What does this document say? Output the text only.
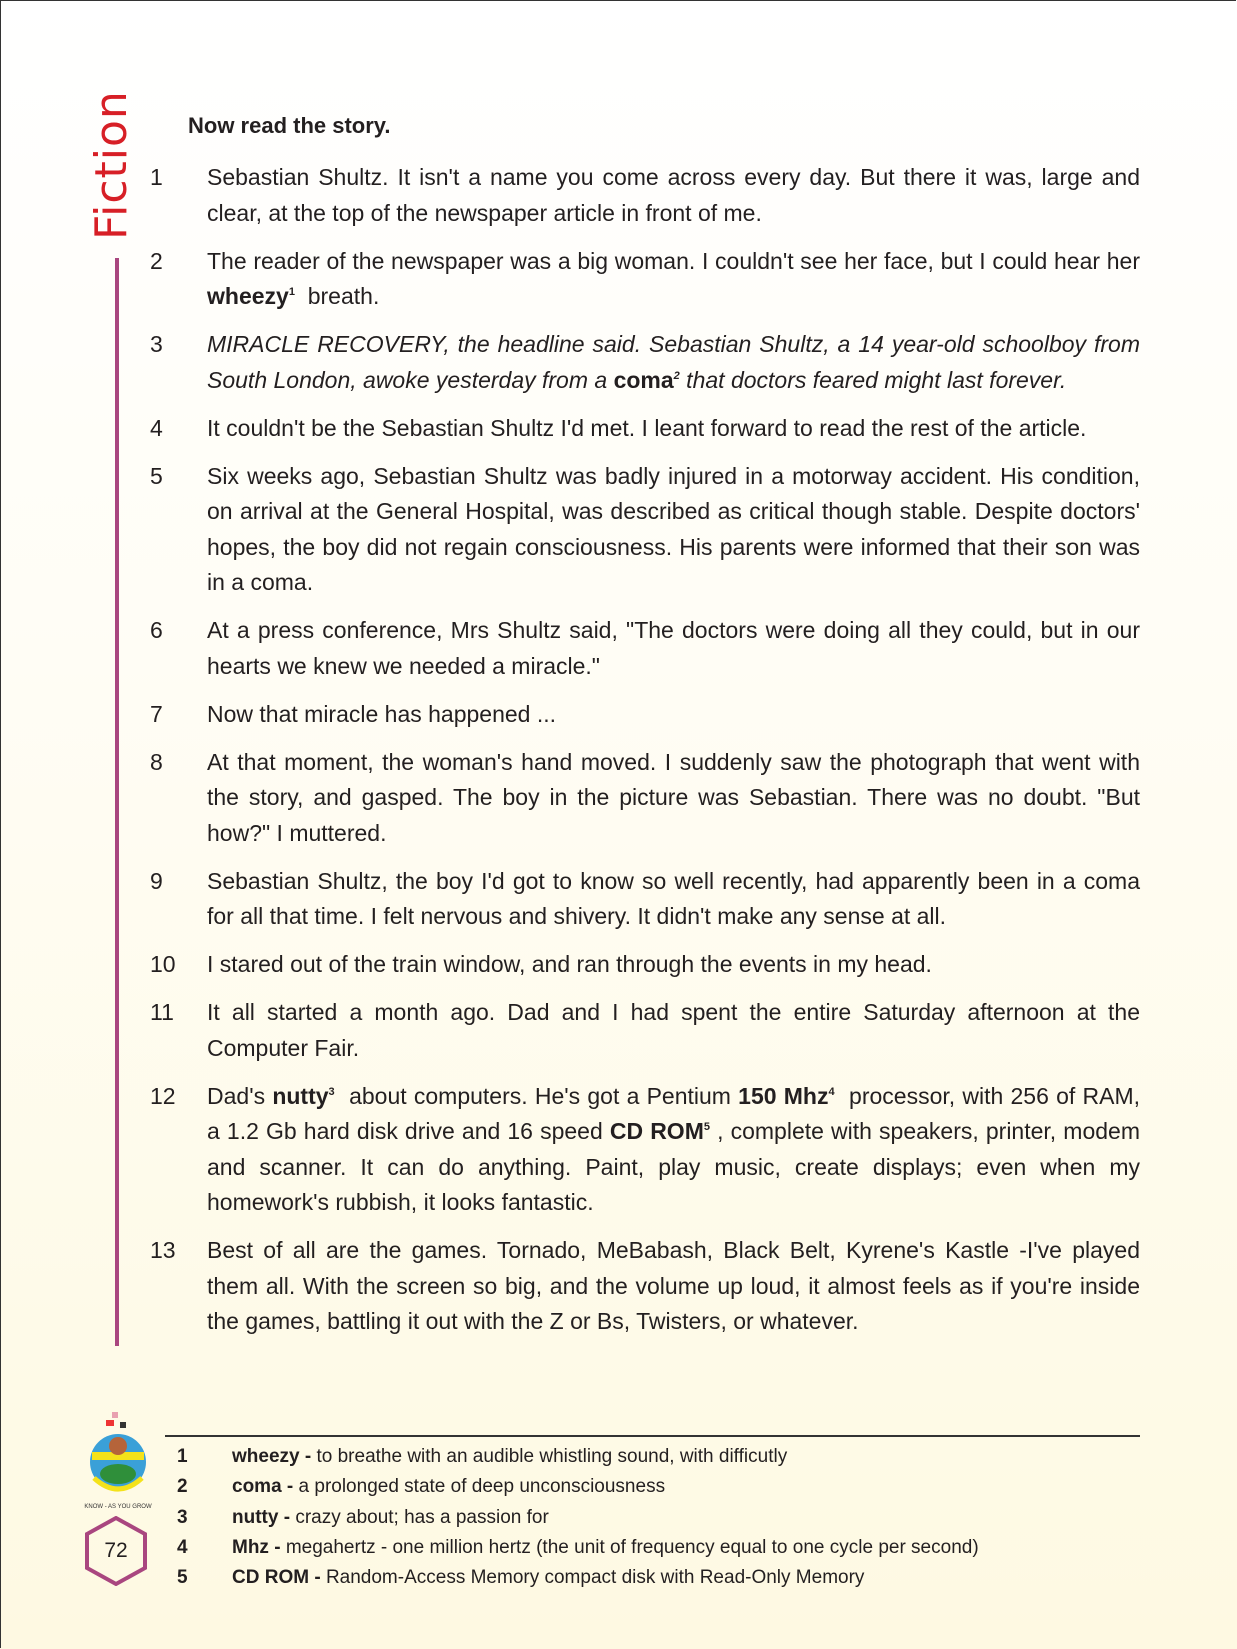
Fiction Now read the story.
1 Sebastian Shultz. It isn't a name you come across every day. But there it was, large and clear, at the top of the newspaper article in front of me.
2 The reader of the newspaper was a big woman. I couldn't see her face, but I could hear her wheezy$^1$  breath.
3 MIRACLE RECOVERY, the headline said. Sebastian Shultz, a 14 year-old schoolboy from South London, awoke yesterday from a coma$^2$ that doctors feared might last forever.
4 It couldn't be the Sebastian Shultz I'd met. I leant forward to read the rest of the article.
5 Six weeks ago, Sebastian Shultz was badly injured in a motorway accident. His condition, on arrival at the General Hospital, was described as critical though stable. Despite doctors' hopes, the boy did not regain consciousness. His parents were informed that their son was in a coma.
6 At a press conference, Mrs Shultz said, "The doctors were doing all they could, but in our hearts we knew we needed a miracle."
7 Now that miracle has happened ...
8 At that moment, the woman's hand moved. I suddenly saw the photograph that went with the story, and gasped. The boy in the picture was Sebastian. There was no doubt. "But how?" I muttered.
9 Sebastian Shultz, the boy I'd got to know so well recently, had apparently been in a coma for all that time. I felt nervous and shivery. It didn't make any sense at all.
10 I stared out of the train window, and ran through the events in my head.
11 It all started a month ago. Dad and I had spent the entire Saturday afternoon at the Computer Fair.
12 Dad's nutty$^3$  about computers. He's got a Pentium 150 Mhz$^4$  processor, with 256 of RAM, a 1.2 Gb hard disk drive and 16 speed CD ROM$^5$ , complete with speakers, printer, modem and scanner. It can do anything. Paint, play music, create displays; even when my homework's rubbish, it looks fantastic.
13 Best of all are the games. Tornado, MeBabash, Black Belt, Kyrene's Kastle -I've played them all. With the screen so big, and the volume up loud, it almost feels as if you're inside the games, battling it out with the Z or Bs, Twisters, or whatever.
1 wheezy - to breathe with an audible whistling sound, with difficutly
2 coma - a prolonged state of deep unconsciousness
3 nutty - crazy about; has a passion for
4 Mhz - megahertz - one million hertz (the unit of frequency equal to one cycle per second)
5 CD ROM - Random-Access Memory compact disk with Read-Only Memory
KNOW - AS YOU GROW
72
